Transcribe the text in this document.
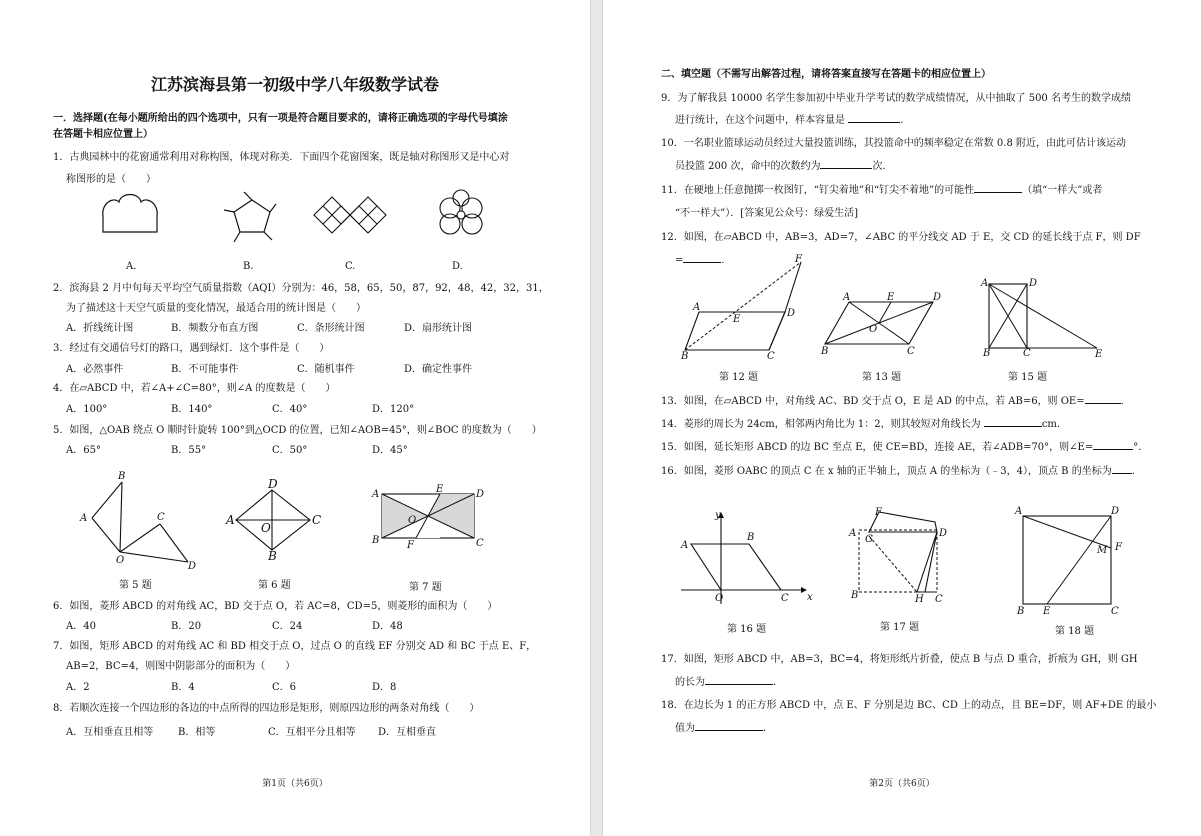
江苏滨海县第一初级中学八年级数学试卷
一．选择题(在每小题所给出的四个选项中，只有一项是符合题目要求的，请将正确选项的字母代号填涂
在答题卡相应位置上）
1．古典园林中的花窗通常利用对称构图，体现对称美．下面四个花窗图案，既是轴对称图形又是中心对
称图形的是（　　）
A.	B.	C.	D.
2．滨海县 2 月中旬每天平均空气质量指数（AQI）分别为：46，58，65，50，87，92，48，42，32，31，
为了描述这十天空气质量的变化情况，最适合用的统计图是（　　）
A．折线统计图	B．频数分布直方图	C．条形统计图	D．扇形统计图
3．经过有交通信号灯的路口，遇到绿灯．这个事件是（　　）
A．必然事件	B．不可能事件	C．随机事件	D．确定性事件
4．在▱ABCD 中，若∠A+∠C=80°，则∠A 的度数是（　　）
A．100°	B．140°	C．40°	D．120°
5．如图，△OAB 绕点 O 顺时针旋转 100°到△OCD 的位置，已知∠AOB=45°，则∠BOC 的度数为（　　）
A．65°	B．55°	C．50°	D．45°
B
A	C
O
D
D
A	C
B
O
A	E	D
O
B	F	C
第 5 题	第 6 题	第 7 题
6．如图，菱形 ABCD 的对角线 AC，BD 交于点 O，若 AC=8，CD=5，则菱形的面积为（　　）
A．40	B．20	C．24	D．48
7．如图，矩形 ABCD 的对角线 AC 和 BD 相交于点 O，过点 O 的直线 EF 分别交 AD 和 BC 于点 E、F，
AB=2，BC=4，则图中阴影部分的面积为（　　）
A．2	B．4	C．6	D．8
8．若顺次连接一个四边形的各边的中点所得的四边形是矩形，则原四边形的两条对角线（　　）
A．互相垂直且相等 B．相等	C．互相平分且相等 D．互相垂直
第1页（共6页）
二、填空题（不需写出解答过程，请将答案直接写在答题卡的相应位置上）
9．为了解我县 10000 名学生参加初中毕业升学考试的数学成绩情况，从中抽取了 500 名考生的数学成绩
进行统计，在这个问题中，样本容量是	.
10．一名职业篮球运动员经过大量投篮训练，其投篮命中的频率稳定在常数 0.8 附近，由此可估计该运动
员投篮 200 次，命中的次数约为	次．
11．在硬地上任意抛掷一枚图钉，“钉尖着地”和“钉尖不着地”的可能性	（填“一样大”或者
“不一样大”）．[答案见公众号：绿爱生活]
12．如图，在▱ABCD 中，AB=3，AD=7，∠ABC 的平分线交 AD 于 E，交 CD 的延长线于点 F，则 DF
=	.	F
A
E
D
B	C
A	E	D
O
B	C
A	D
B	C	E
第 12 题	第 13 题	第 15 题
13．如图，在▱ABCD 中，对角线 AC、BD 交于点 O，E 是 AD 的中点，若 AB=6，则 OE=	.
14．菱形的周长为 24cm，相邻两内角比为 1：2，则其较短对角线长为	cm.
15．如图，延长矩形 ABCD 的边 BC 至点 E，使 CE=BD，连接 AE，若∠ADB=70°，则∠E=	°．
16．如图，菱形 OABC 的顶点 C 在 x 轴的正半轴上，顶点 A 的坐标为（﹣3，4），顶点 B 的坐标为 .
y
x
A
B
O	C
F
A
G
D
B	H C
A	D
F
M
B E	C
第 16 题	第 17 题	第 18 题
17．如图，矩形 ABCD 中，AB=3，BC=4，将矩形纸片折叠，使点 B 与点 D 重合，折痕为 GH，则 GH
的长为	.
18．在边长为 1 的正方形 ABCD 中，点 E、F 分别是边 BC、CD 上的动点，且 BE=DF，则 AF+DE 的最小
值为	.
第2页（共6页）
